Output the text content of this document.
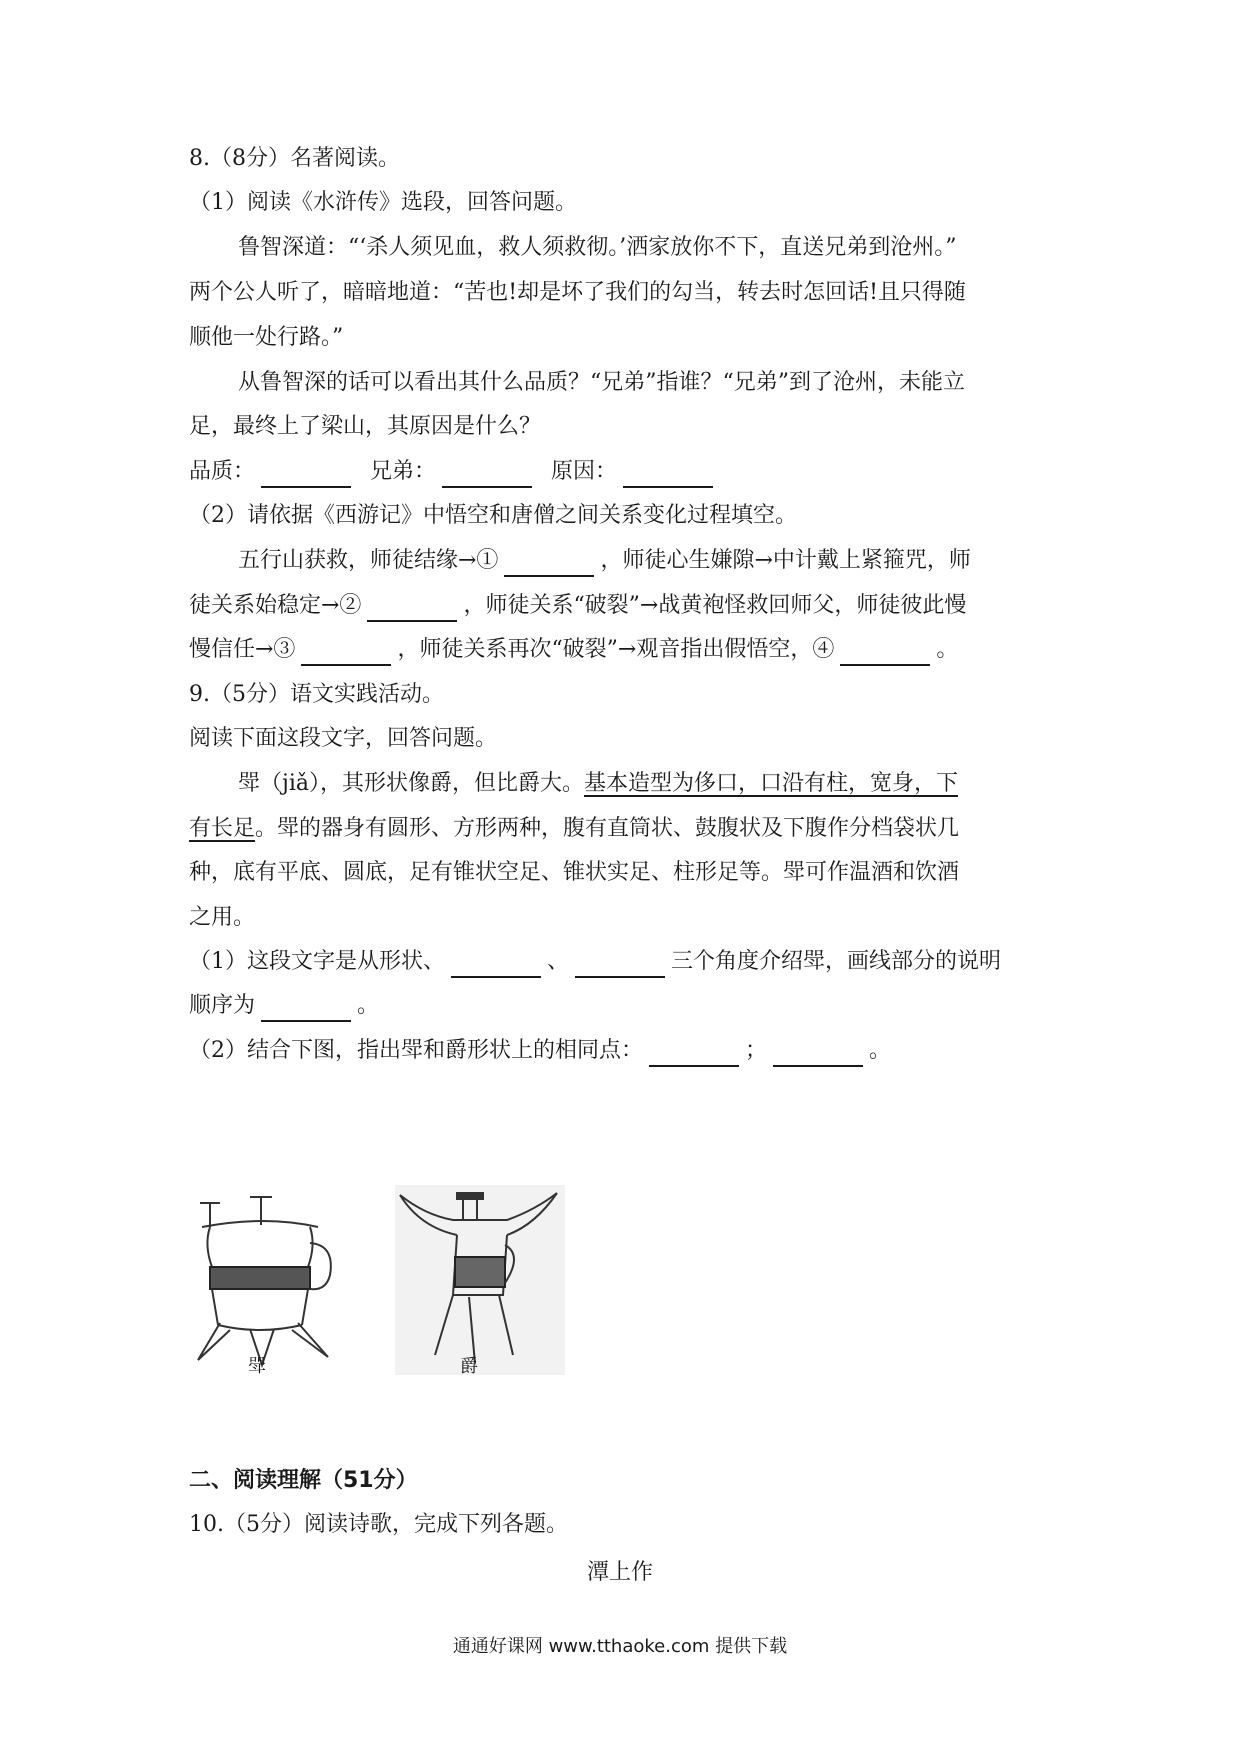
8.（8分）名著阅读。
（1）阅读《水浒传》选段，回答问题。
鲁智深道：“‘杀人须见血，救人须救彻。’洒家放你不下，直送兄弟到沧州。”
两个公人听了，暗暗地道：“苦也!却是坏了我们的勾当，转去时怎回话!且只得随
顺他一处行路。”
从鲁智深的话可以看出其什么品质？“兄弟”指谁？“兄弟”到了沧州，未能立
足，最终上了梁山，其原因是什么？
品质：	兄弟：	原因：
（2）请依据《西游记》中悟空和唐僧之间关系变化过程填空。
五行山获救，师徒结缘→①	，师徒心生嫌隙→中计戴上紧箍咒，师
徒关系始稳定→②	，师徒关系“破裂”→战黄袍怪救回师父，师徒彼此慢
慢信任→③	，师徒关系再次“破裂”→观音指出假悟空，④	。
9.（5分）语文实践活动。
阅读下面这段文字，回答问题。
斝（jiǎ），其形状像爵，但比爵大。基本造型为侈口，口沿有柱，宽身，下
有长足。斝的器身有圆形、方形两种，腹有直筒状、鼓腹状及下腹作分档袋状几
种，底有平底、圆底，足有锥状空足、锥状实足、柱形足等。斝可作温酒和饮酒
之用。
（1）这段文字是从形状、	、	三个角度介绍斝，画线部分的说明
顺序为	。
（2）结合下图，指出斝和爵形状上的相同点：	；	。
斝	爵
二、阅读理解（51分）
10.（5分）阅读诗歌，完成下列各题。
潭上作
通通好课网 www.tthaoke.com 提供下载
